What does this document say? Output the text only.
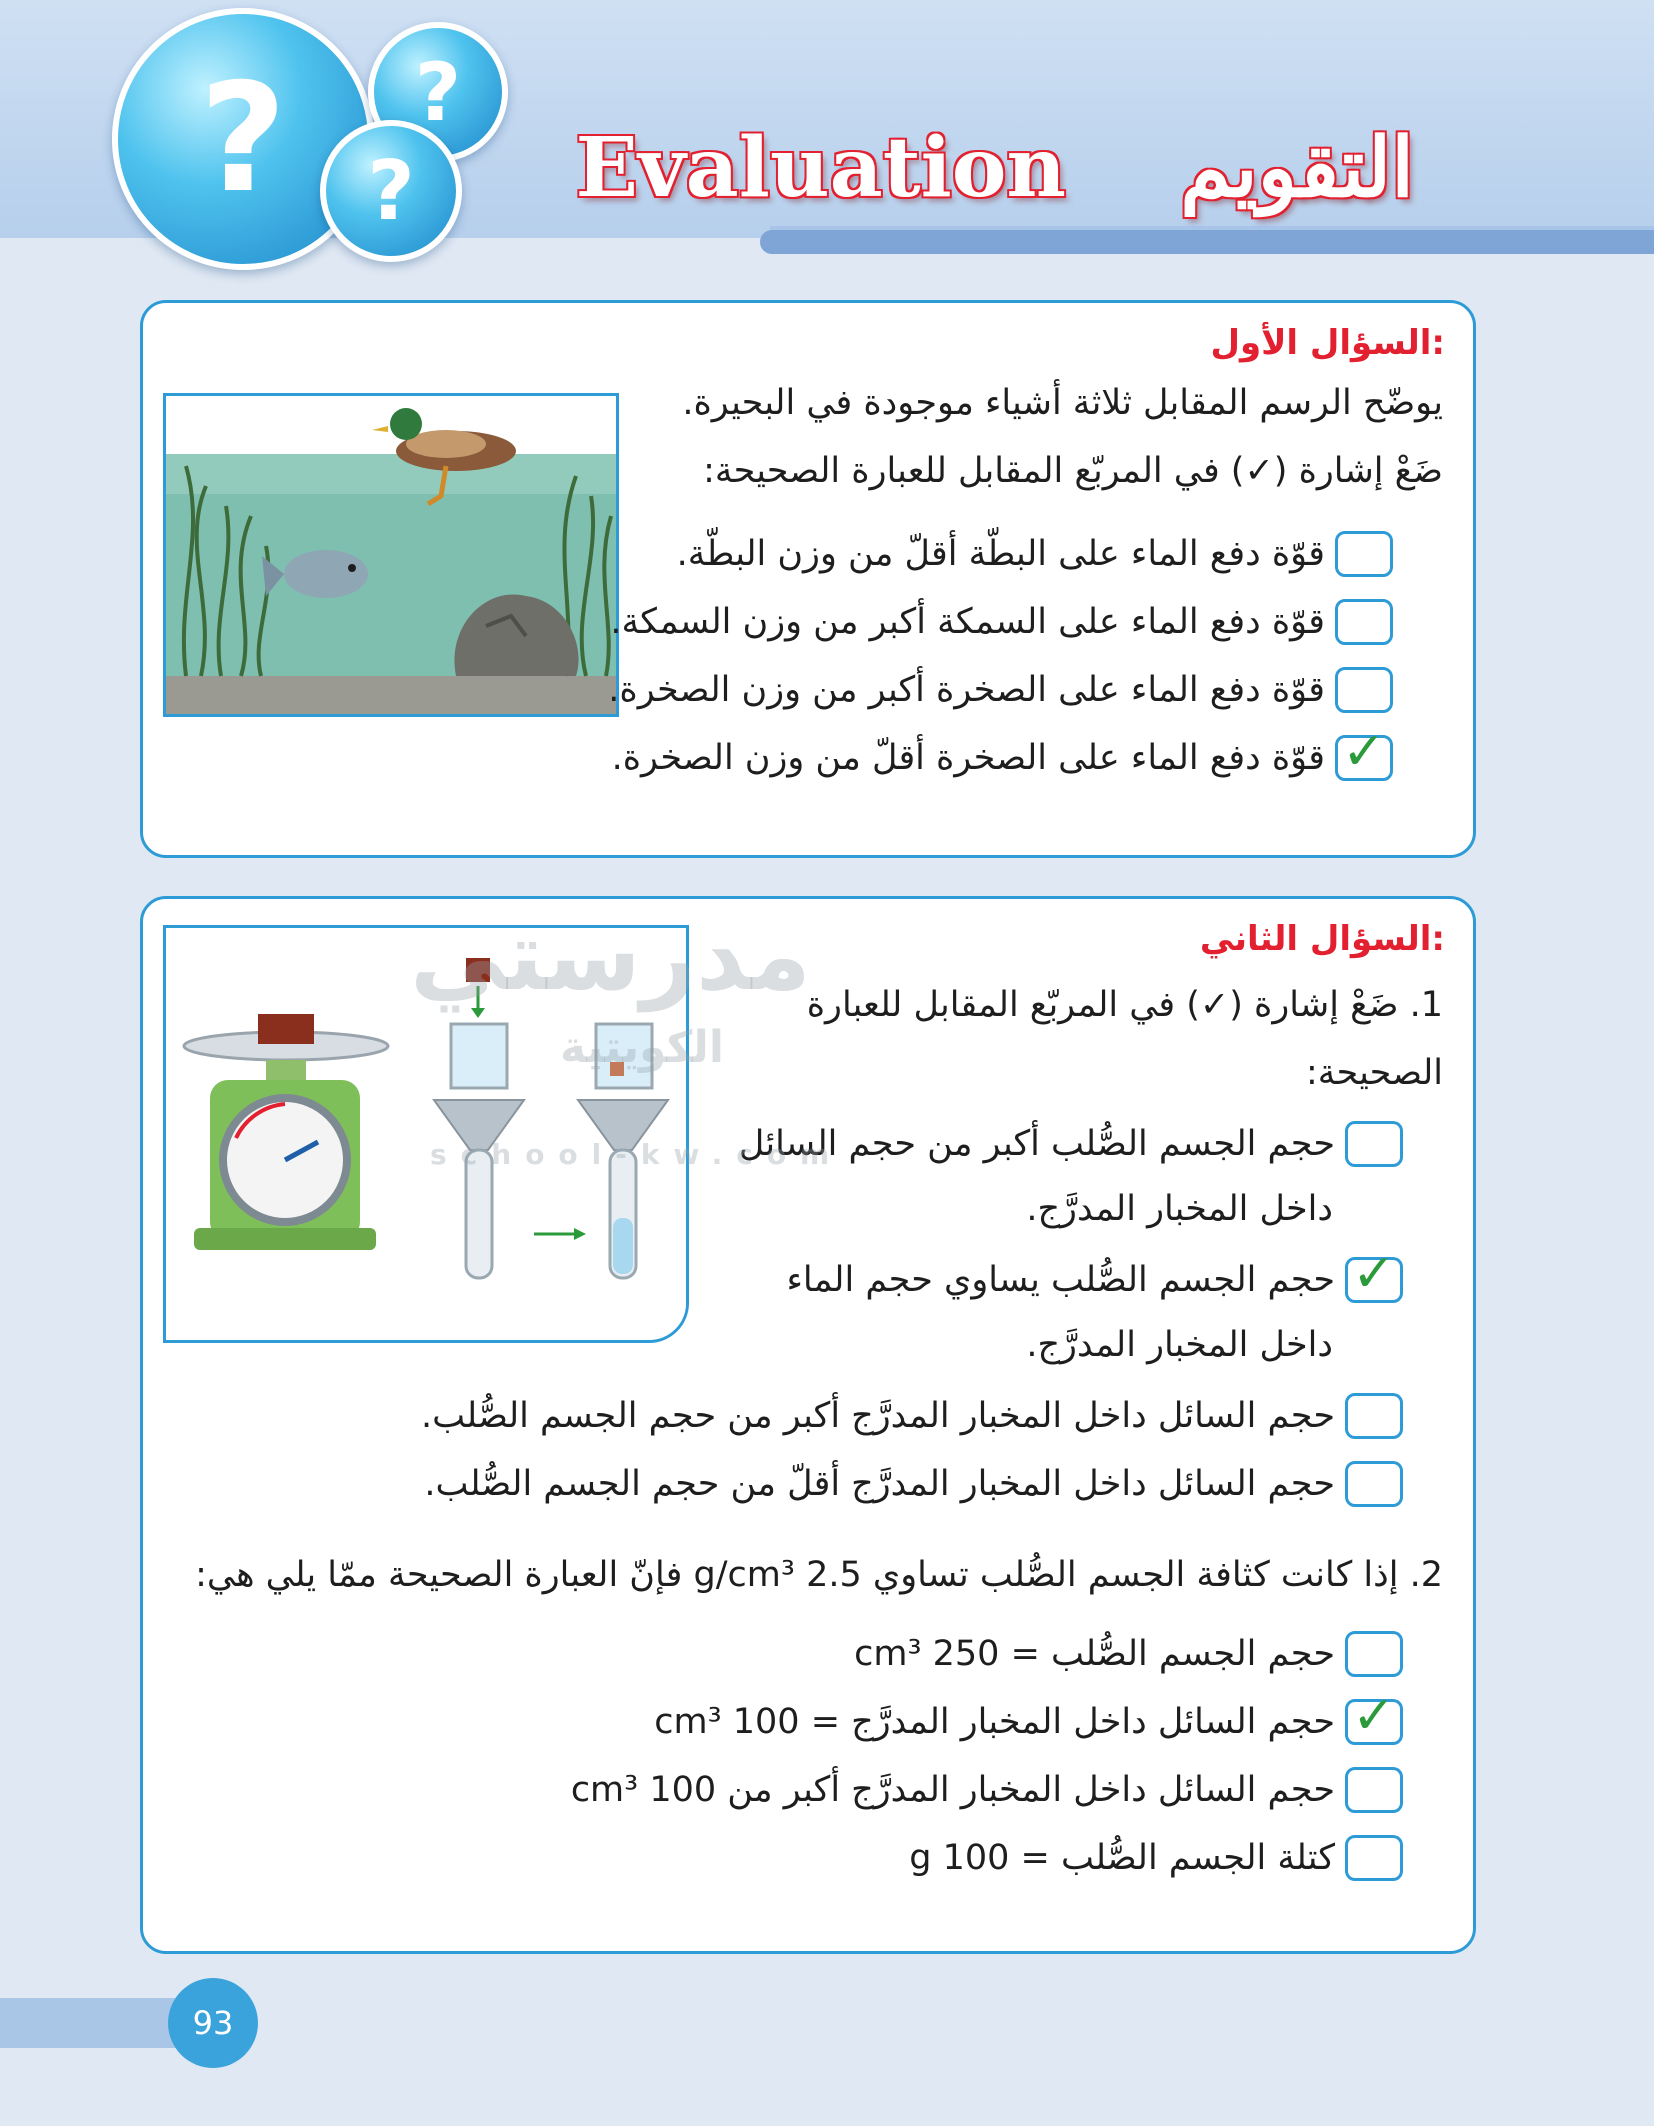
? ?
? Evaluation التقويم
السؤال الأول:
يوضّح الرسم المقابل ثلاثة أشياء موجودة في البحيرة.
ضَعْ إشارة (✓) في المربّع المقابل للعبارة الصحيحة:
قوّة دفع الماء على البطّة أقلّ من وزن البطّة.
قوّة دفع الماء على السمكة أكبر من وزن السمكة.
قوّة دفع الماء على الصخرة أكبر من وزن الصخرة.
✓
قوّة دفع الماء على الصخرة أقلّ من وزن الصخرة.
السؤال الثاني:
1. ضَعْ إشارة (✓) في المربّع المقابل للعبارة
الصحيحة:
حجم الجسم الصُّلب أكبر من حجم السائل
داخل المخبار المدرَّج.
✓
حجم الجسم الصُّلب يساوي حجم الماء
داخل المخبار المدرَّج.
حجم السائل داخل المخبار المدرَّج أكبر من حجم الجسم الصُّلب.
حجم السائل داخل المخبار المدرَّج أقلّ من حجم الجسم الصُّلب.
2. إذا كانت كثافة الجسم الصُّلب تساوي 2.5 g/cm³ فإنّ العبارة الصحيحة ممّا يلي هي:
حجم الجسم الصُّلب = 250 cm³
✓
حجم السائل داخل المخبار المدرَّج = 100 cm³
حجم السائل داخل المخبار المدرَّج أكبر من 100 cm³
كتلة الجسم الصُّلب = 100 g
مدرستي
الكويتية
school-kw.com
93
